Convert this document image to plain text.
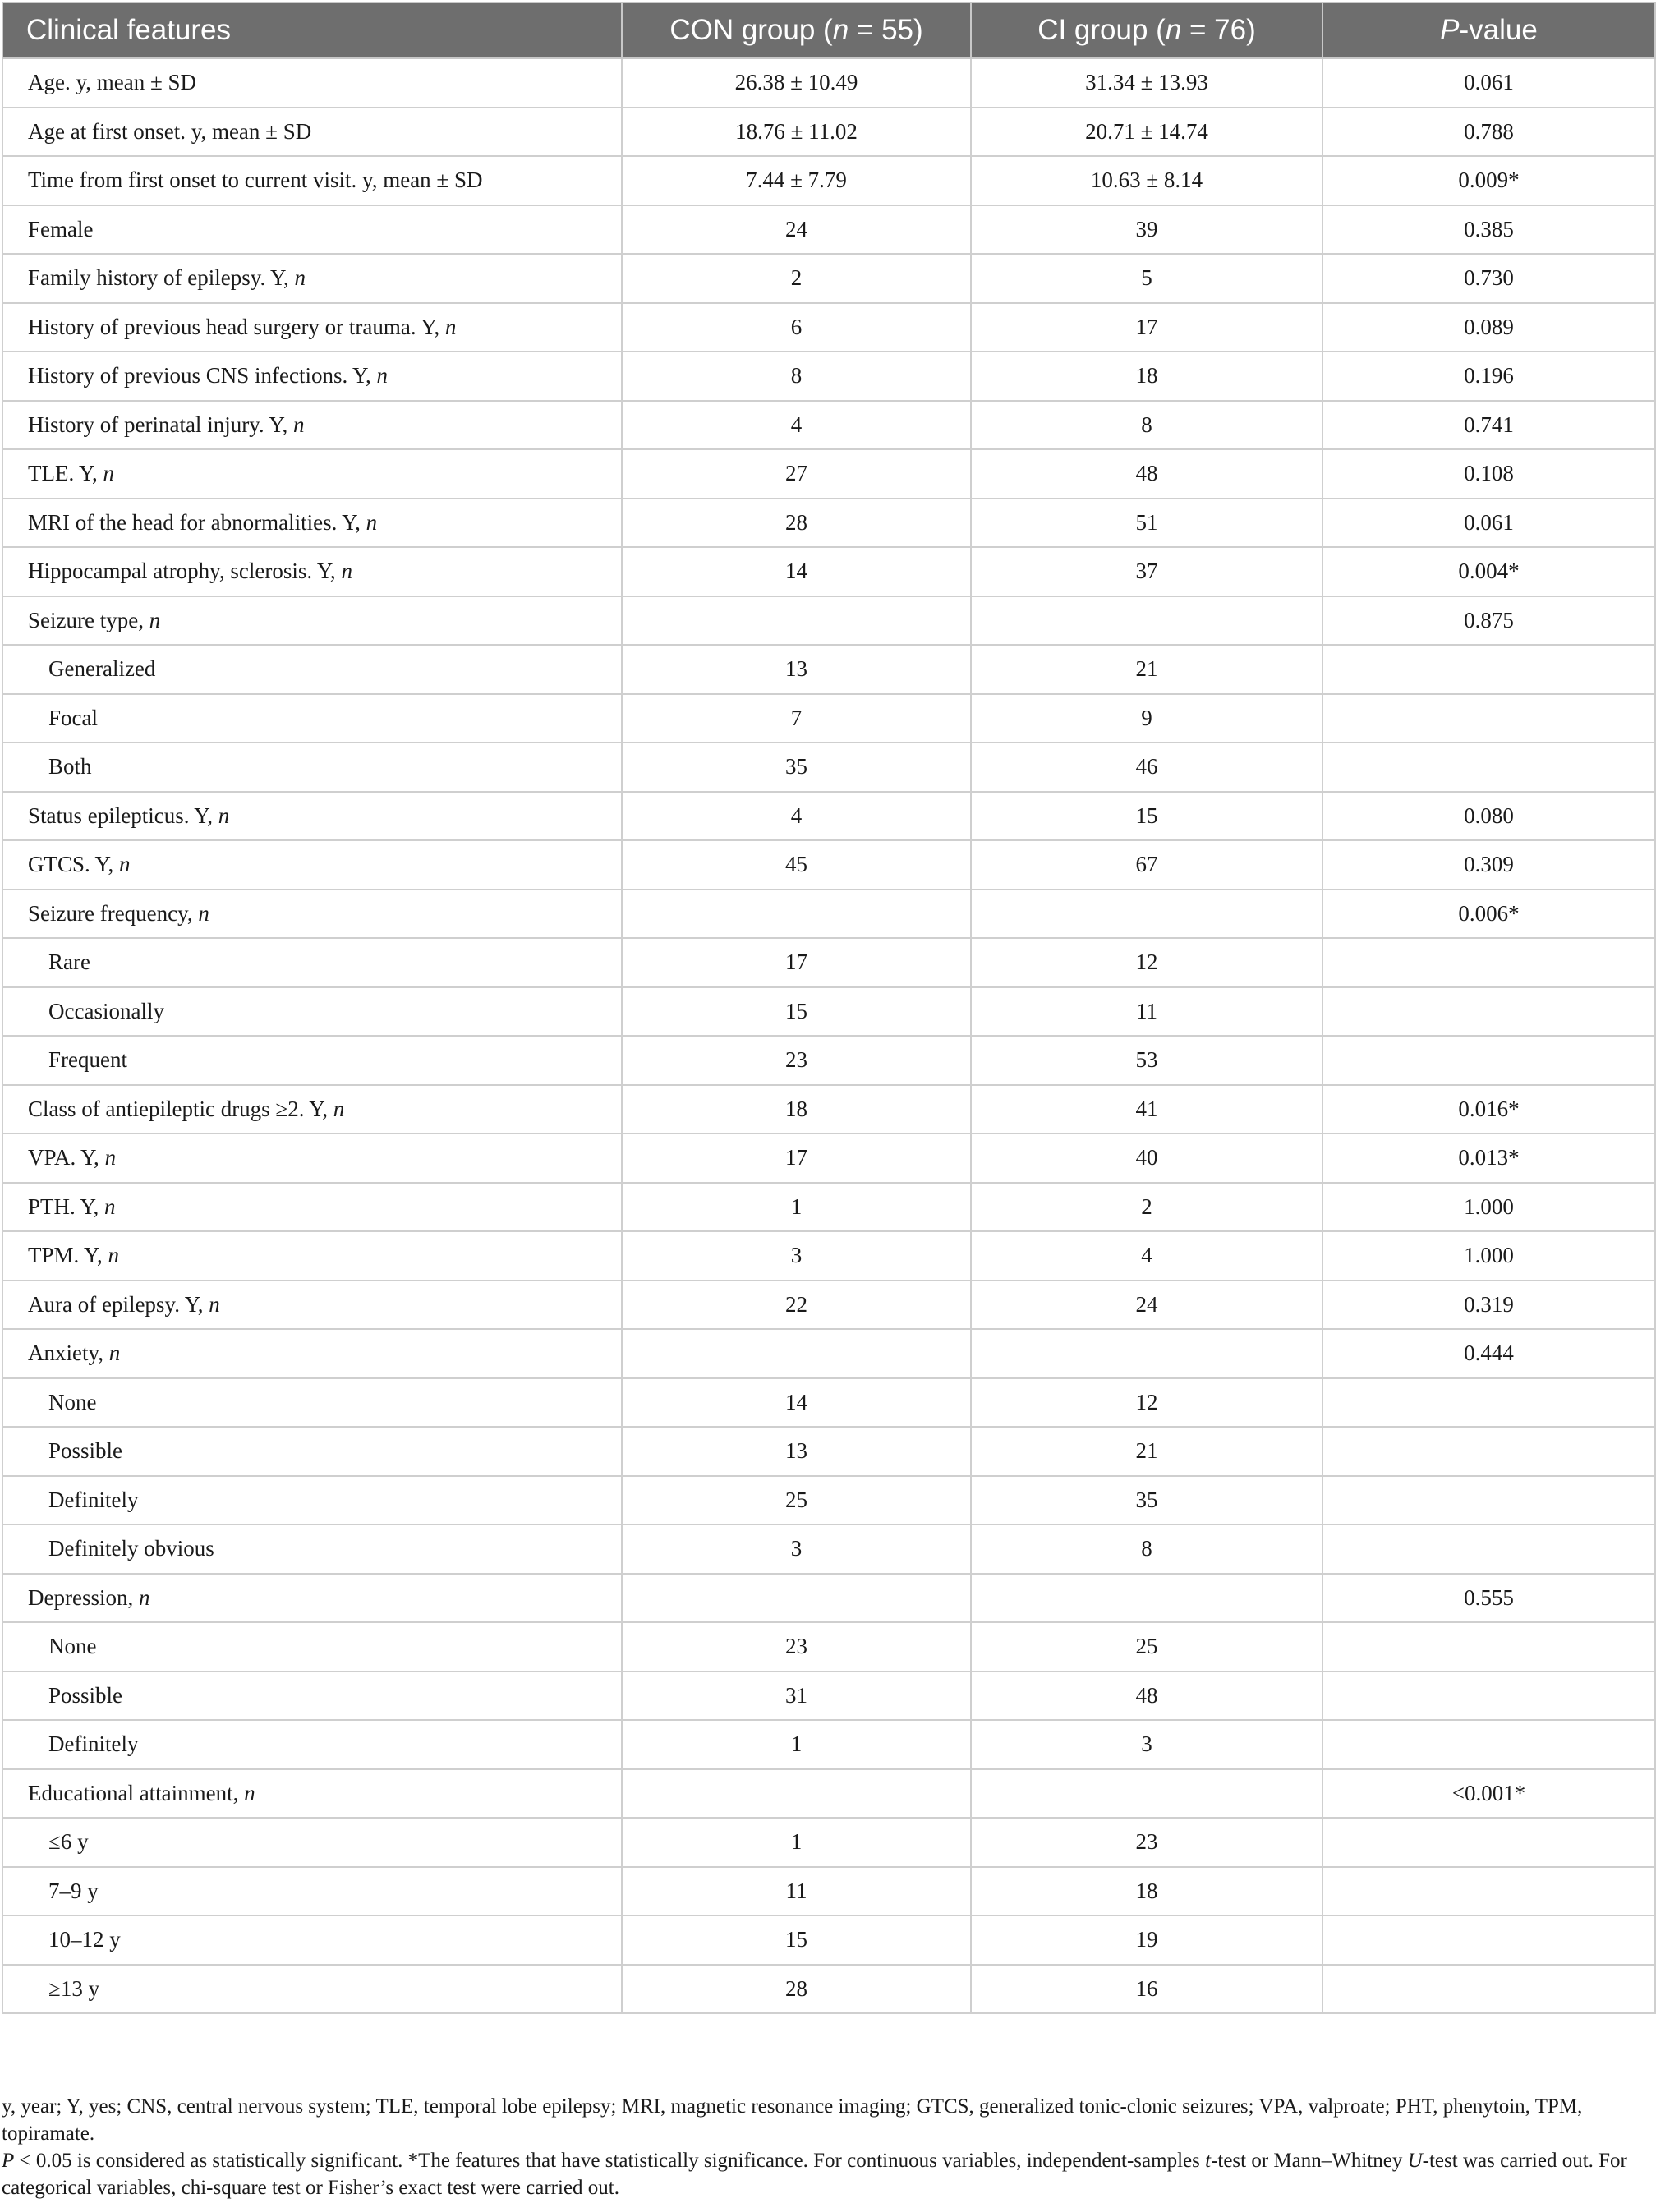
Clinical features	CON group (n = 55)	CI group (n = 76)	P-value
Age. y, mean ± SD	26.38 ± 10.49	31.34 ± 13.93	0.061
Age at first onset. y, mean ± SD	18.76 ± 11.02	20.71 ± 14.74	0.788
Time from first onset to current visit. y, mean ± SD	7.44 ± 7.79	10.63 ± 8.14	0.009*
Female	24	39	0.385
Family history of epilepsy. Y, n	2	5	0.730
History of previous head surgery or trauma. Y, n	6	17	0.089
History of previous CNS infections. Y, n	8	18	0.196
History of perinatal injury. Y, n	4	8	0.741
TLE. Y, n	27	48	0.108
MRI of the head for abnormalities. Y, n	28	51	0.061
Hippocampal atrophy, sclerosis. Y, n	14	37	0.004*
Seizure type, n			0.875
Generalized	13	21	
Focal	7	9	
Both	35	46	
Status epilepticus. Y, n	4	15	0.080
GTCS. Y, n	45	67	0.309
Seizure frequency, n			0.006*
Rare	17	12	
Occasionally	15	11	
Frequent	23	53	
Class of antiepileptic drugs ≥2. Y, n	18	41	0.016*
VPA. Y, n	17	40	0.013*
PTH. Y, n	1	2	1.000
TPM. Y, n	3	4	1.000
Aura of epilepsy. Y, n	22	24	0.319
Anxiety, n			0.444
None	14	12	
Possible	13	21	
Definitely	25	35	
Definitely obvious	3	8	
Depression, n			0.555
None	23	25	
Possible	31	48	
Definitely	1	3	
Educational attainment, n			<0.001*
≤6 y	1	23	
7–9 y	11	18	
10–12 y	15	19	
≥13 y	28	16	

y, year; Y, yes; CNS, central nervous system; TLE, temporal lobe epilepsy; MRI, magnetic resonance imaging; GTCS, generalized tonic-clonic seizures; VPA, valproate; PHT, phenytoin, TPM, topiramate.

P < 0.05 is considered as statistically significant. *The features that have statistically significance. For continuous variables, independent-samples t-test or Mann–Whitney U-test was carried out. For categorical variables, chi-square test or Fisher’s exact test were carried out.
